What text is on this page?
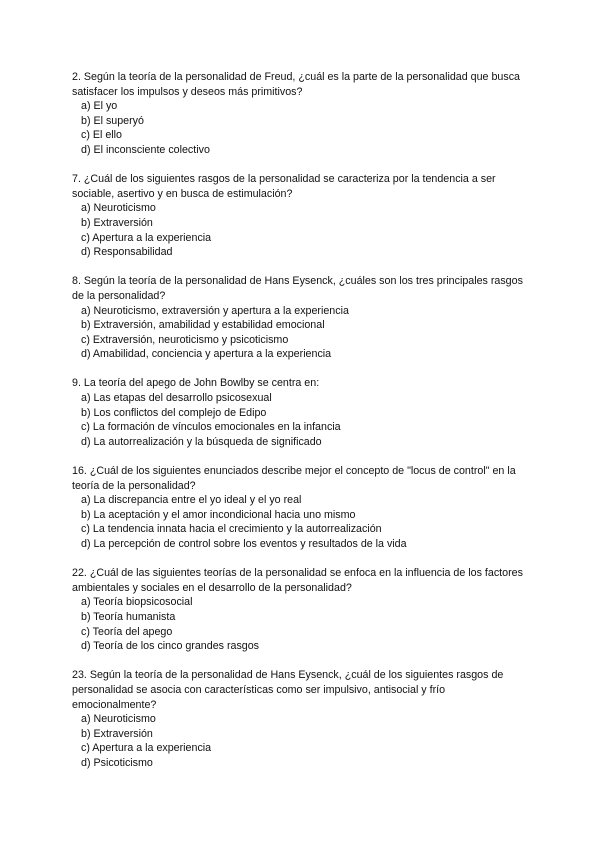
2. Según la teoría de la personalidad de Freud, ¿cuál es la parte de la personalidad que busca satisfacer los impulsos y deseos más primitivos?
a) El yo
b) El superyó
c) El ello
d) El inconsciente colectivo
7. ¿Cuál de los siguientes rasgos de la personalidad se caracteriza por la tendencia a ser sociable, asertivo y en busca de estimulación?
a) Neuroticismo
b) Extraversión
c) Apertura a la experiencia
d) Responsabilidad
8. Según la teoría de la personalidad de Hans Eysenck, ¿cuáles son los tres principales rasgos de la personalidad?
a) Neuroticismo, extraversión y apertura a la experiencia
b) Extraversión, amabilidad y estabilidad emocional
c) Extraversión, neuroticismo y psicoticismo
d) Amabilidad, conciencia y apertura a la experiencia
9. La teoría del apego de John Bowlby se centra en:
a) Las etapas del desarrollo psicosexual
b) Los conflictos del complejo de Edipo
c) La formación de vínculos emocionales en la infancia
d) La autorrealización y la búsqueda de significado
16. ¿Cuál de los siguientes enunciados describe mejor el concepto de "locus de control" en la teoría de la personalidad?
a) La discrepancia entre el yo ideal y el yo real
b) La aceptación y el amor incondicional hacia uno mismo
c) La tendencia innata hacia el crecimiento y la autorrealización
d) La percepción de control sobre los eventos y resultados de la vida
22. ¿Cuál de las siguientes teorías de la personalidad se enfoca en la influencia de los factores ambientales y sociales en el desarrollo de la personalidad?
a) Teoría biopsicosocial
b) Teoría humanista
c) Teoría del apego
d) Teoría de los cinco grandes rasgos
23. Según la teoría de la personalidad de Hans Eysenck, ¿cuál de los siguientes rasgos de personalidad se asocia con características como ser impulsivo, antisocial y frío emocionalmente?
a) Neuroticismo
b) Extraversión
c) Apertura a la experiencia
d) Psicoticismo
